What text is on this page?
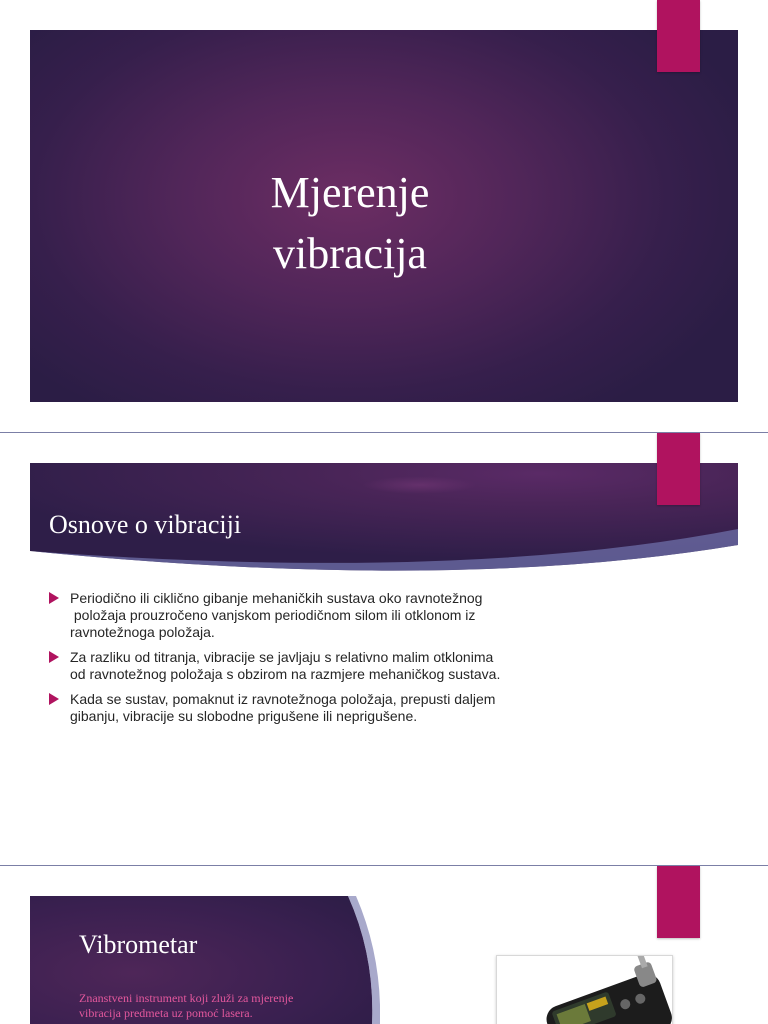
Mjerenje
vibracija
Osnove o vibraciji
Periodično ili ciklično gibanje mehaničkih sustava oko ravnotežnog
položaja prouzročeno vanjskom periodičnom silom ili otklonom iz
ravnotežnoga položaja.
Za razliku od titranja, vibracije se javljaju s relativno malim otklonima
od ravnotežnog položaja s obzirom na razmjere mehaničkog sustava.
Kada se sustav, pomaknut iz ravnotežnoga položaja, prepusti daljem
gibanju, vibracije su slobodne prigušene ili neprigušene.
Vibrometar
Znanstveni instrument koji zluži za mjerenje
vibracija predmeta uz pomoć lasera.
